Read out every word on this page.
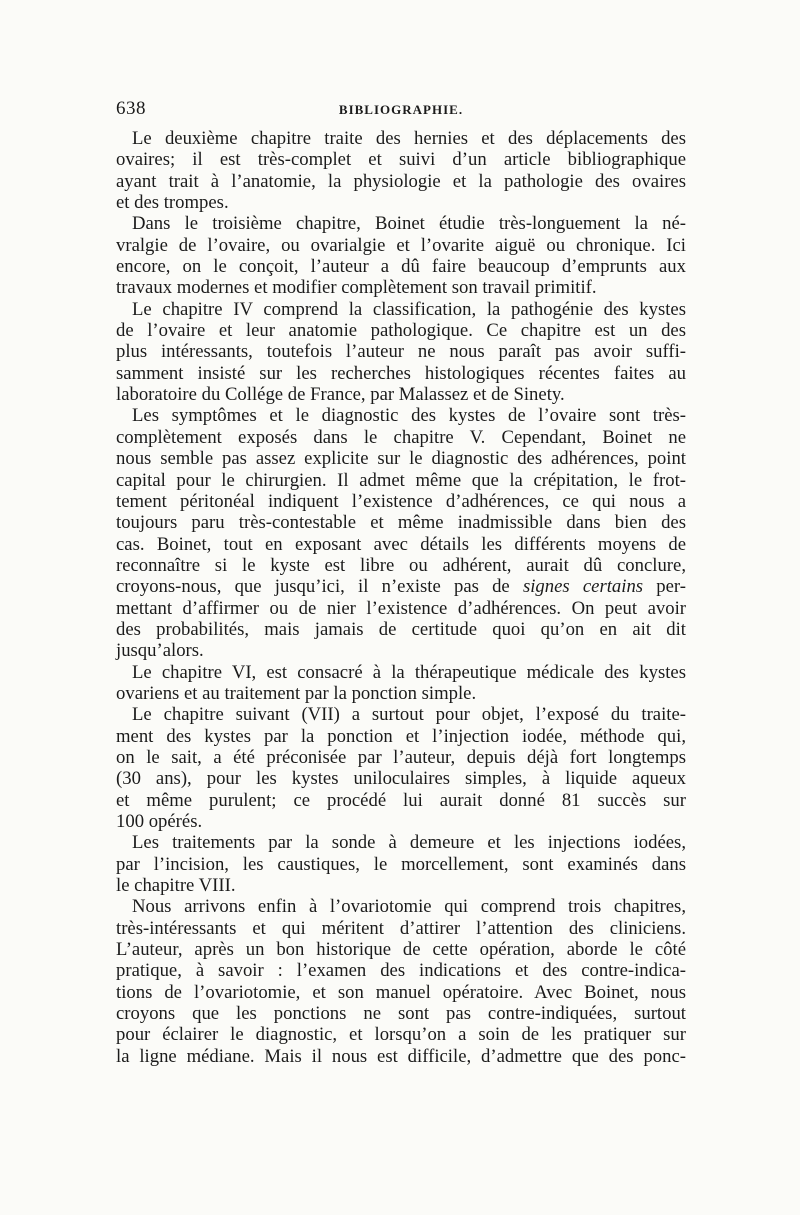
638	BIBLIOGRAPHIE.
Le deuxième chapitre traite des hernies et des déplacements des
ovaires; il est très-complet et suivi d’un article bibliographique
ayant trait à l’anatomie, la physiologie et la pathologie des ovaires
et des trompes.
Dans le troisième chapitre, Boinet étudie très-longuement la né-
vralgie de l’ovaire, ou ovarialgie et l’ovarite aiguë ou chronique. Ici
encore, on le conçoit, l’auteur a dû faire beaucoup d’emprunts aux
travaux modernes et modifier complètement son travail primitif.
Le chapitre IV comprend la classification, la pathogénie des kystes
de l’ovaire et leur anatomie pathologique. Ce chapitre est un des
plus intéressants, toutefois l’auteur ne nous paraît pas avoir suffi-
samment insisté sur les recherches histologiques récentes faites au
laboratoire du Collége de France, par Malassez et de Sinety.
Les symptômes et le diagnostic des kystes de l’ovaire sont très-
complètement exposés dans le chapitre V. Cependant, Boinet ne
nous semble pas assez explicite sur le diagnostic des adhérences, point
capital pour le chirurgien. Il admet même que la crépitation, le frot-
tement péritonéal indiquent l’existence d’adhérences, ce qui nous a
toujours paru très-contestable et même inadmissible dans bien des
cas. Boinet, tout en exposant avec détails les différents moyens de
reconnaître si le kyste est libre ou adhérent, aurait dû conclure,
croyons-nous, que jusqu’ici, il n’existe pas de signes certains per-
mettant d’affirmer ou de nier l’existence d’adhérences. On peut avoir
des probabilités, mais jamais de certitude quoi qu’on en ait dit
jusqu’alors.
Le chapitre VI, est consacré à la thérapeutique médicale des kystes
ovariens et au traitement par la ponction simple.
Le chapitre suivant (VII) a surtout pour objet, l’exposé du traite-
ment des kystes par la ponction et l’injection iodée, méthode qui,
on le sait, a été préconisée par l’auteur, depuis déjà fort longtemps
(30 ans), pour les kystes uniloculaires simples, à liquide aqueux
et même purulent; ce procédé lui aurait donné 81 succès sur
100 opérés.
Les traitements par la sonde à demeure et les injections iodées,
par l’incision, les caustiques, le morcellement, sont examinés dans
le chapitre VIII.
Nous arrivons enfin à l’ovariotomie qui comprend trois chapitres,
très-intéressants et qui méritent d’attirer l’attention des cliniciens.
L’auteur, après un bon historique de cette opération, aborde le côté
pratique, à savoir : l’examen des indications et des contre-indica-
tions de l’ovariotomie, et son manuel opératoire. Avec Boinet, nous
croyons que les ponctions ne sont pas contre-indiquées, surtout
pour éclairer le diagnostic, et lorsqu’on a soin de les pratiquer sur
la ligne médiane. Mais il nous est difficile, d’admettre que des ponc-
